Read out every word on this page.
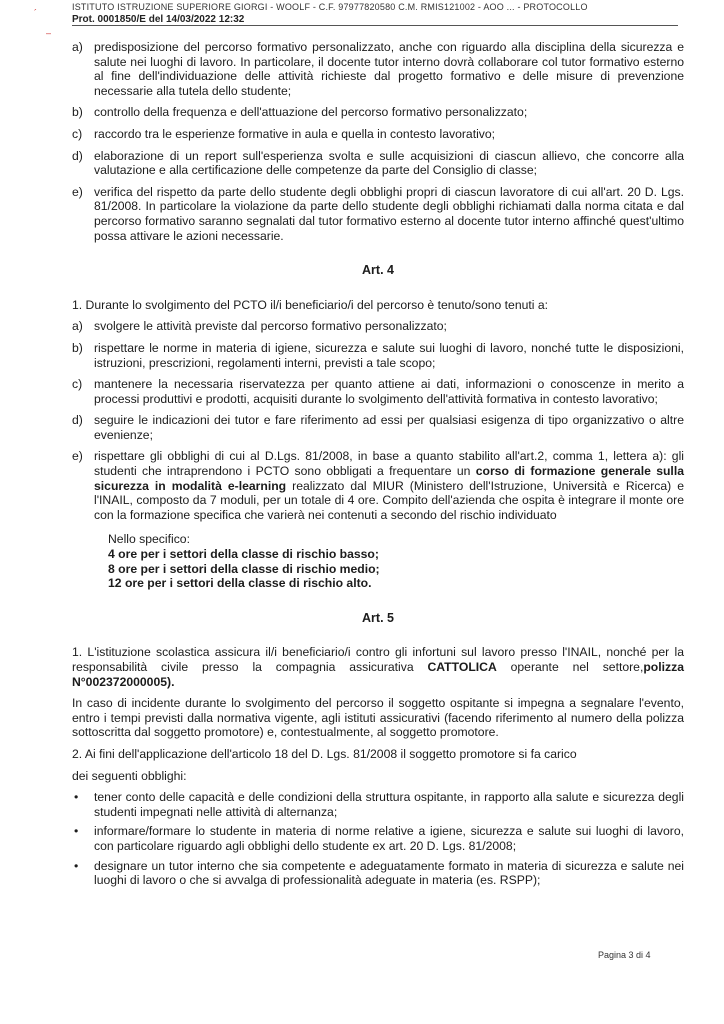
´
–
ISTITUTO ISTRUZIONE SUPERIORE GIORGI - WOOLF - C.F. 97977820580 C.M. RMIS121002 - AOO ... - PROTOCOLLO
Prot. 0001850/E del 14/03/2022 12:32
a) predisposizione del percorso formativo personalizzato, anche con riguardo alla disciplina della sicurezza e salute nei luoghi di lavoro. In particolare, il docente tutor interno dovrà collaborare col tutor formativo esterno al fine dell'individuazione delle attività richieste dal progetto formativo e delle misure di prevenzione necessarie alla tutela dello studente;
b) controllo della frequenza e dell'attuazione del percorso formativo personalizzato;
c) raccordo tra le esperienze formative in aula e quella in contesto lavorativo;
d) elaborazione di un report sull'esperienza svolta e sulle acquisizioni di ciascun allievo, che concorre alla valutazione e alla certificazione delle competenze da parte del Consiglio di classe;
e) verifica del rispetto da parte dello studente degli obblighi propri di ciascun lavoratore di cui all'art. 20 D. Lgs. 81/2008. In particolare la violazione da parte dello studente degli obblighi richiamati dalla norma citata e dal percorso formativo saranno segnalati dal tutor formativo esterno al docente tutor interno affinché quest'ultimo possa attivare le azioni necessarie.
Art. 4
1. Durante lo svolgimento del PCTO il/i beneficiario/i del percorso è tenuto/sono tenuti a:
a) svolgere le attività previste dal percorso formativo personalizzato;
b) rispettare le norme in materia di igiene, sicurezza e salute sui luoghi di lavoro, nonché tutte le disposizioni, istruzioni, prescrizioni, regolamenti interni, previsti a tale scopo;
c) mantenere la necessaria riservatezza per quanto attiene ai dati, informazioni o conoscenze in merito a processi produttivi e prodotti, acquisiti durante lo svolgimento dell'attività formativa in contesto lavorativo;
d) seguire le indicazioni dei tutor e fare riferimento ad essi per qualsiasi esigenza di tipo organizzativo o altre evenienze;
e) rispettare gli obblighi di cui al D.Lgs. 81/2008, in base a quanto stabilito all'art.2, comma 1, lettera a): gli studenti che intraprendono i PCTO sono obbligati a frequentare un corso di formazione generale sulla sicurezza in modalità e-learning realizzato dal MIUR (Ministero dell'Istruzione, Università e Ricerca) e l'INAIL, composto da 7 moduli, per un totale di 4 ore. Compito dell'azienda che ospita è integrare il monte ore con la formazione specifica che varierà nei contenuti a secondo del rischio individuato
Nello specifico:
4 ore per i settori della classe di rischio basso;
8 ore per i settori della classe di rischio medio;
12 ore per i settori della classe di rischio alto.
Art. 5
1. L'istituzione scolastica assicura il/i beneficiario/i contro gli infortuni sul lavoro presso l'INAIL, nonché per la responsabilità civile presso la compagnia assicurativa CATTOLICA operante nel settore,polizza N°002372000005).
In caso di incidente durante lo svolgimento del percorso il soggetto ospitante si impegna a segnalare l'evento, entro i tempi previsti dalla normativa vigente, agli istituti assicurativi (facendo riferimento al numero della polizza sottoscritta dal soggetto promotore) e, contestualmente, al soggetto promotore.
2. Ai fini dell'applicazione dell'articolo 18 del D. Lgs. 81/2008 il soggetto promotore si fa carico
dei seguenti obblighi:
• tener conto delle capacità e delle condizioni della struttura ospitante, in rapporto alla salute e sicurezza degli studenti impegnati nelle attività di alternanza;
• informare/formare lo studente in materia di norme relative a igiene, sicurezza e salute sui luoghi di lavoro, con particolare riguardo agli obblighi dello studente ex art. 20 D. Lgs. 81/2008;
• designare un tutor interno che sia competente e adeguatamente formato in materia di sicurezza e salute nei luoghi di lavoro o che si avvalga di professionalità adeguate in materia (es. RSPP);
Pagina 3 di 4
